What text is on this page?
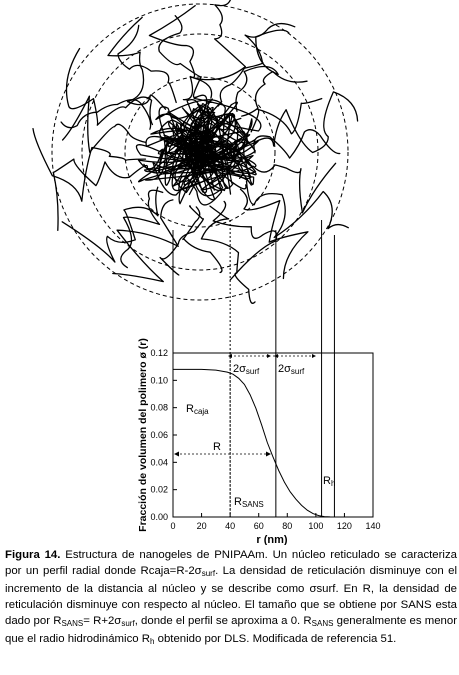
0 20 40 60 80 100 120 140
0.00
0.02
0.04
0.06
0.08
0.10
0.12
2σsurf 2σsurf
Rcaja
R
RSANS
Rh
Fracción de volumen del polimero ø (r)
r (nm)
Figura 14. Estructura de nanogeles de PNIPAAm. Un núcleo reticulado se caracteriza por un perfil radial donde $Rcaja=R-2\sigma_{surf}$. La densidad de reticulación disminuye con el incremento de la distancia al núcleo y se describe como σsurf. En R, la densidad de reticulación disminuye con respecto al núcleo. El tamaño que se obtiene por SANS esta dado por $R_{SANS}= R+2\sigma_{surf}$, donde el perfil se aproxima a 0. $R_{SANS}$ generalmente es menor que el radio hidrodinámico $R_h$ obtenido por DLS. Modificada de referencia 51.
